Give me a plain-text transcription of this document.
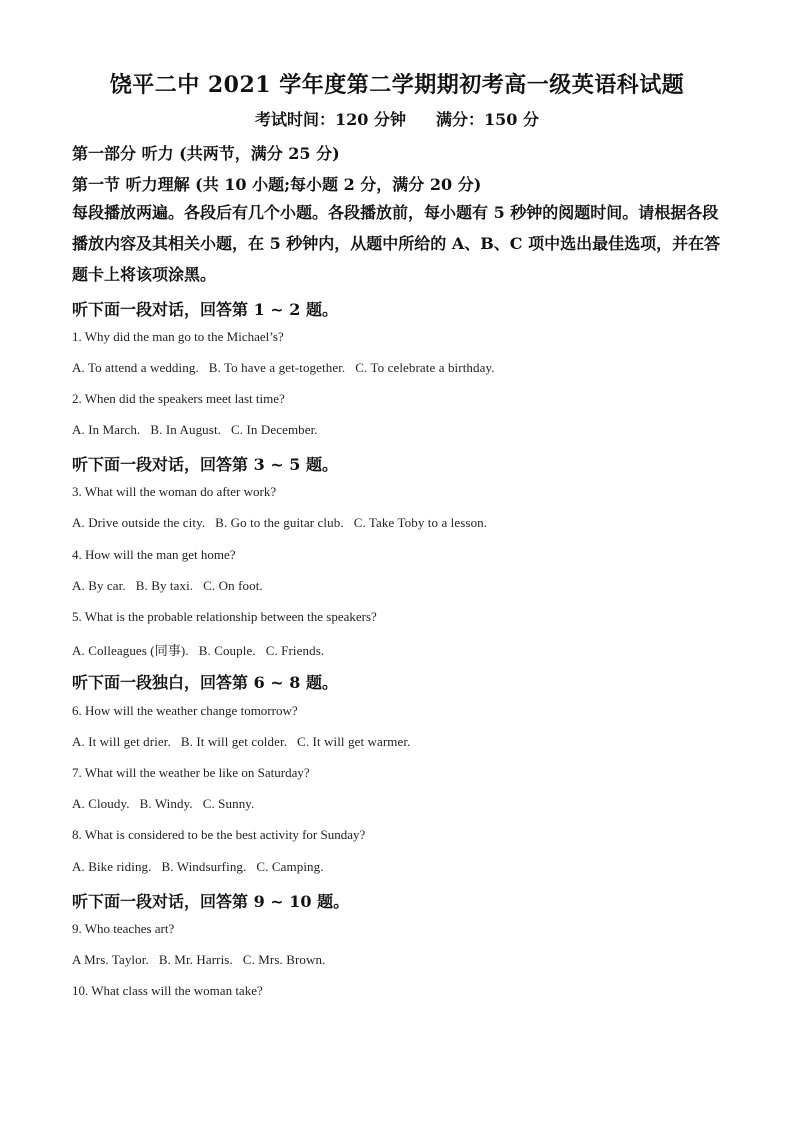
饶平二中 2021 学年度第二学期期初考高一级英语科试题
考试时间：120 分钟 满分：150 分
第一部分 听力 (共两节，满分 25 分)
第一节 听力理解 (共 10 小题;每小题 2 分，满分 20 分)
每段播放两遍。各段后有几个小题。各段播放前，每小题有 5 秒钟的阅题时间。请根据各段播放内容及其相关小题，在 5 秒钟内，从题中所给的 A、B、C 项中选出最佳选项，并在答题卡上将该项涂黑。
听下面一段对话，回答第 1 ~ 2 题。
1. Why did the man go to the Michael’s?
A. To attend a wedding. B. To have a get-together. C. To celebrate a birthday.
2. When did the speakers meet last time?
A. In March. B. In August. C. In December.
听下面一段对话，回答第 3 ~ 5 题。
3. What will the woman do after work?
A. Drive outside the city. B. Go to the guitar club. C. Take Toby to a lesson.
4. How will the man get home?
A. By car. B. By taxi. C. On foot.
5. What is the probable relationship between the speakers?
A. Colleagues (同事). B. Couple. C. Friends.
听下面一段独白，回答第 6 ~ 8 题。
6. How will the weather change tomorrow?
A. It will get drier. B. It will get colder. C. It will get warmer.
7. What will the weather be like on Saturday?
A. Cloudy. B. Windy. C. Sunny.
8. What is considered to be the best activity for Sunday?
A. Bike riding. B. Windsurfing. C. Camping.
听下面一段对话，回答第 9 ~ 10 题。
9. Who teaches art?
A Mrs. Taylor. B. Mr. Harris. C. Mrs. Brown.
10. What class will the woman take?
